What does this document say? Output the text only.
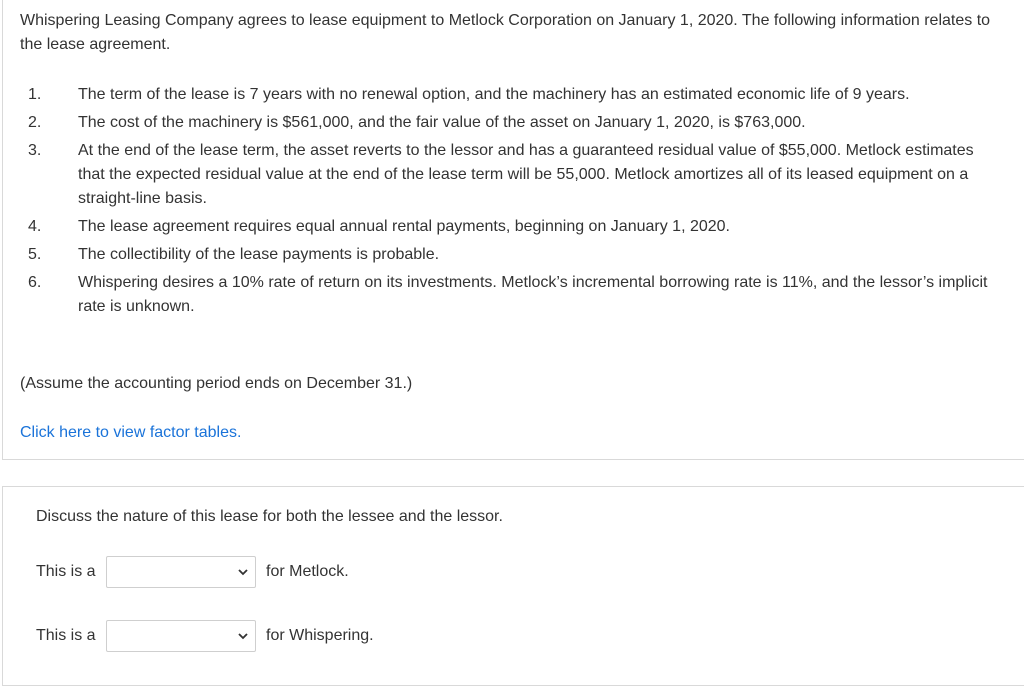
Whispering Leasing Company agrees to lease equipment to Metlock Corporation on January 1, 2020. The following information relates to the lease agreement.
1. The term of the lease is 7 years with no renewal option, and the machinery has an estimated economic life of 9 years.
2. The cost of the machinery is $561,000, and the fair value of the asset on January 1, 2020, is $763,000.
3. At the end of the lease term, the asset reverts to the lessor and has a guaranteed residual value of $55,000. Metlock estimates that the expected residual value at the end of the lease term will be 55,000. Metlock amortizes all of its leased equipment on a straight-line basis.
4. The lease agreement requires equal annual rental payments, beginning on January 1, 2020.
5. The collectibility of the lease payments is probable.
6. Whispering desires a 10% rate of return on its investments. Metlock’s incremental borrowing rate is 11%, and the lessor’s implicit rate is unknown.
(Assume the accounting period ends on December 31.)
Click here to view factor tables.
Discuss the nature of this lease for both the lessee and the lessor.
This is a	for Metlock.
This is a	for Whispering.
